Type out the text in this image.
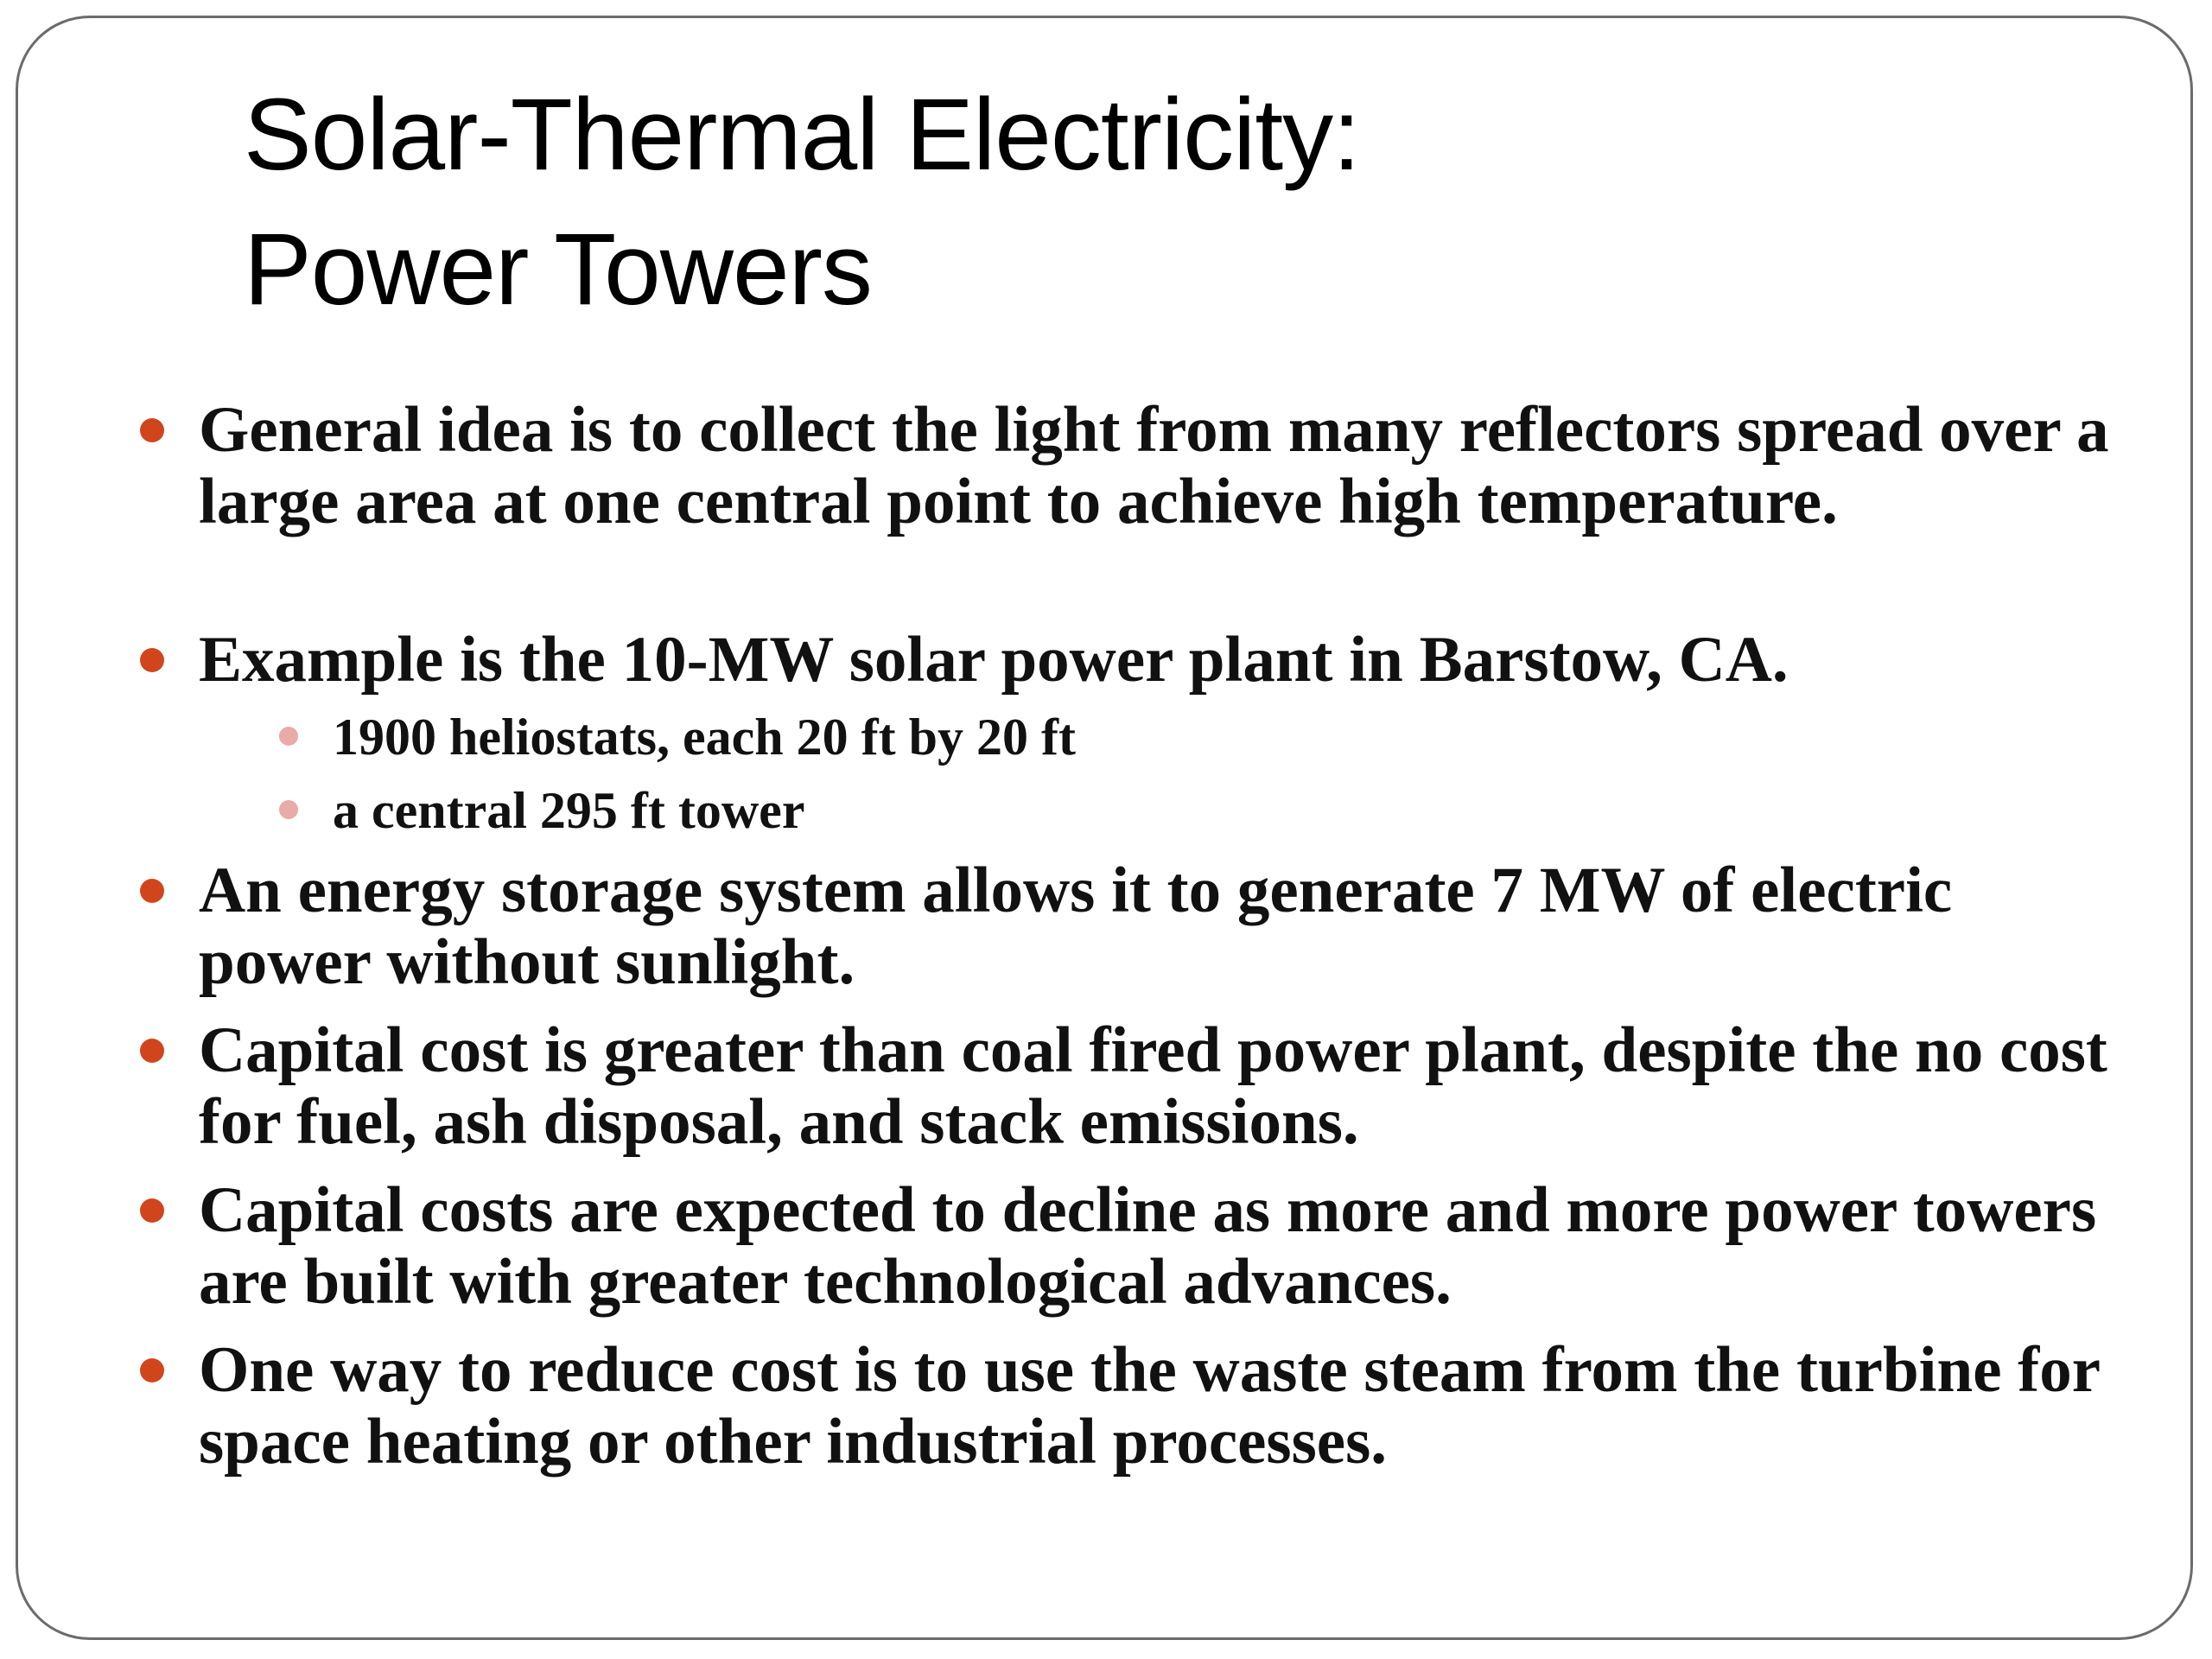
Solar-Thermal Electricity:
Power Towers
General idea is to collect the light from many reflectors spread over a large area at one central point to achieve high temperature.
Example is the 10-MW solar power plant in Barstow, CA.
1900 heliostats, each 20 ft by 20 ft
a central 295 ft tower
An energy storage system allows it to generate 7 MW of electric power without sunlight.
Capital cost is greater than coal fired power plant, despite the no cost for fuel, ash disposal, and stack emissions.
Capital costs are expected to decline as more and more power towers are built with greater technological advances.
One way to reduce cost is to use the waste steam from the turbine for space heating or other industrial processes.
